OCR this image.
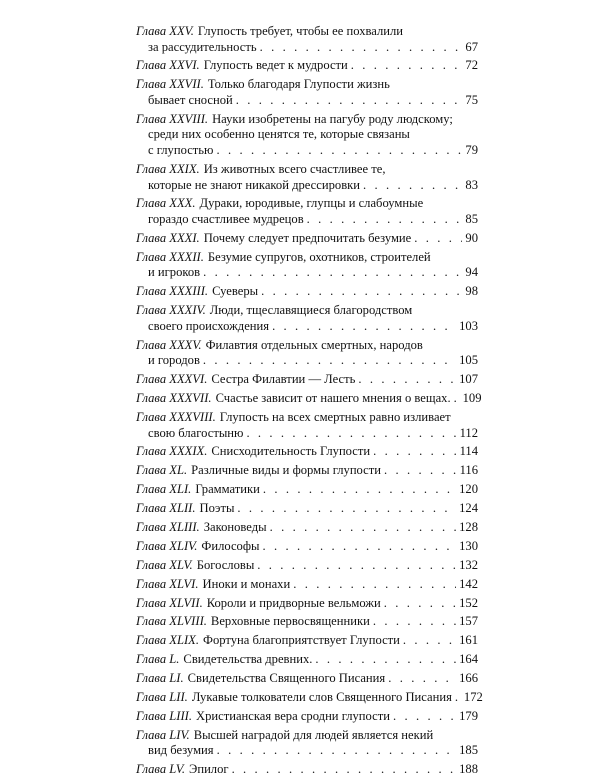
Глава XXV. Глупость требует, чтобы ее похвалили
за рассудительность . . .	67
Глава XXVI. Глупость ведет к мудрости . . .	72
Глава XXVII. Только благодаря Глупости жизнь
бывает сносной . . .	75
Глава XXVIII. Науки изобретены на пагубу роду людскому;
среди них особенно ценятся те, которые связаны
с глупостью . . .	79
Глава XXIX. Из животных всего счастливее те,
которые не знают никакой дрессировки . . .	83
Глава XXX. Дураки, юродивые, глупцы и слабоумные
гораздо счастливее мудрецов . . .	85
Глава XXXI. Почему следует предпочитать безумие . . .	90
Глава XXXII. Безумие супругов, охотников, строителей
и игроков . . .	94
Глава XXXIII. Суеверы . . .	98
Глава XXXIV. Люди, тщеславящиеся благородством
своего происхождения . . .	103
Глава XXXV. Филавтия отдельных смертных, народов
и городов . . .	105
Глава XXXVI. Сестра Филавтии — Лесть . . .	107
Глава XXXVII. Счастье зависит от нашего мнения о вещах. . . . 109
Глава XXXVIII. Глупость на всех смертных равно изливает
свою благостыню . . .	112
Глава XXXIX. Снисходительность Глупости . . .	114
Глава XL. Различные виды и формы глупости . . .	116
Глава XLI. Грамматики . . .	120
Глава XLII. Поэты . . .	124
Глава XLIII. Законоведы . . .	128
Глава XLIV. Философы . . .	130
Глава XLV. Богословы . . .	132
Глава XLVI. Иноки и монахи . . .	142
Глава XLVII. Короли и придворные вельможи . . .	152
Глава XLVIII. Верховные первосвященники . . .	157
Глава XLIX. Фортуна благоприятствует Глупости . . .	161
Глава L. Свидетельства древних. . . .	164
Глава LI. Свидетельства Священного Писания . . .	166
Глава LII. Лукавые толкователи слов Священного Писания . . . 172
Глава LIII. Христианская вера сродни глупости . . .	179
Глава LIV. Высшей наградой для людей является некий
вид безумия . . .	185
Глава LV. Эпилог . . .	188
